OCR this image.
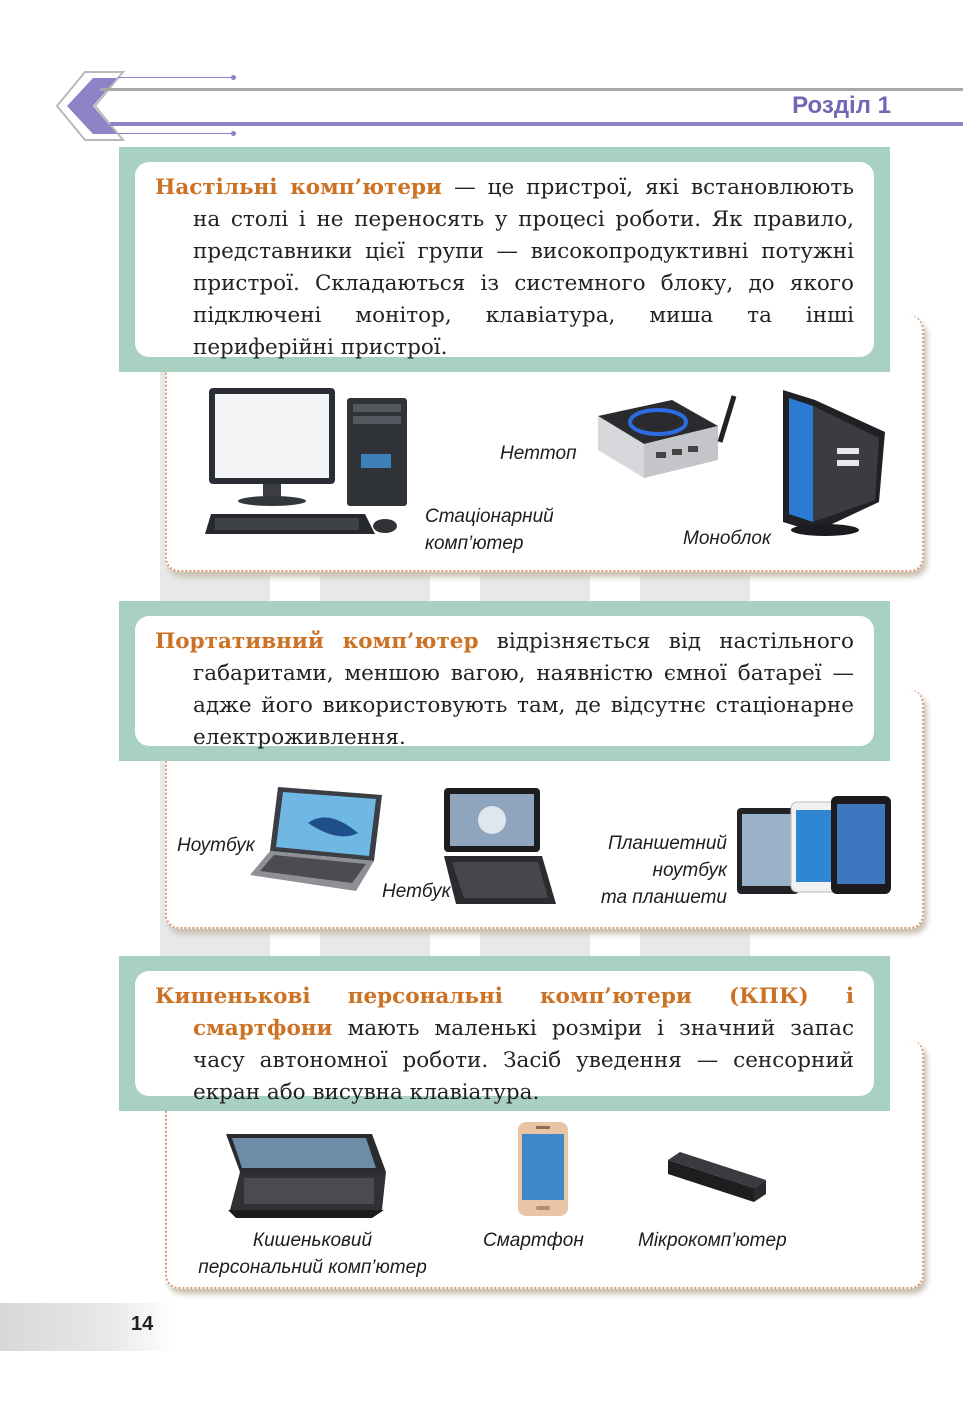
Розділ 1

Настільні комп’ютери — це пристрої, які встановлюють на столі і не переносять у процесі роботи. Як правило, представники цієї групи — високопродуктивні потужні пристрої. Складаються із системного блоку, до якого підключені монітор, клавіатура, миша та інші периферійні пристрої.

Стаціонарний
комп’ютер
Неттоп
Моноблок

Портативний комп’ютер відрізняється від настільного габаритами, меншою вагою, наявністю ємної батареї — адже його використовують там, де відсутнє стаціонарне електроживлення.

Ноутбук
Нетбук
Планшетний
ноутбук
та планшети

Кишенькові персональні комп’ютери (КПК) і смартфони мають маленькі розміри і значний запас часу автономної роботи. Засіб уведення — сенсорний екран або висувна клавіатура.

Кишеньковий
персональний комп’ютер
Смартфон	Мікрокомп’ютер
14
